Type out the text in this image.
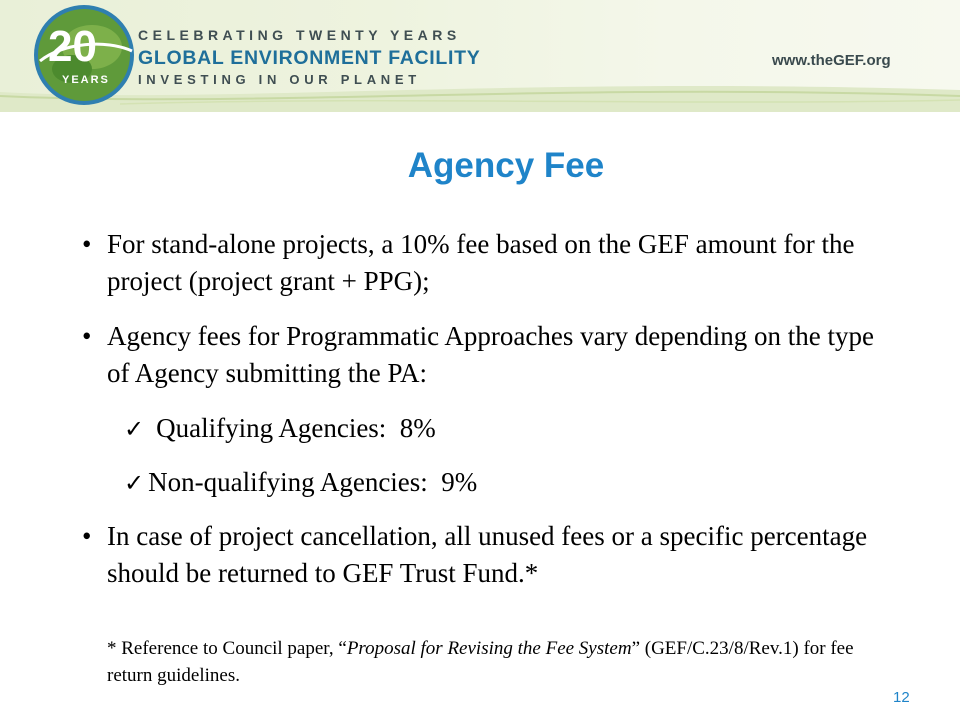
20
YEARS
CELEBRATING TWENTY YEARS
GLOBAL ENVIRONMENT FACILITY
INVESTING IN OUR PLANET
www.theGEF.org
Agency Fee
• For stand-alone projects, a 10% fee based on the GEF amount for the project (project grant + PPG);
• Agency fees for Programmatic Approaches vary depending on the type of Agency submitting the PA:
✓ Qualifying Agencies:  8%
✓ Non-qualifying Agencies:  9%
• In case of project cancellation, all unused fees or a specific percentage should be returned to GEF Trust Fund.*
* Reference to Council paper, “Proposal for Revising the Fee System” (GEF/C.23/8/Rev.1) for fee return guidelines.
12
